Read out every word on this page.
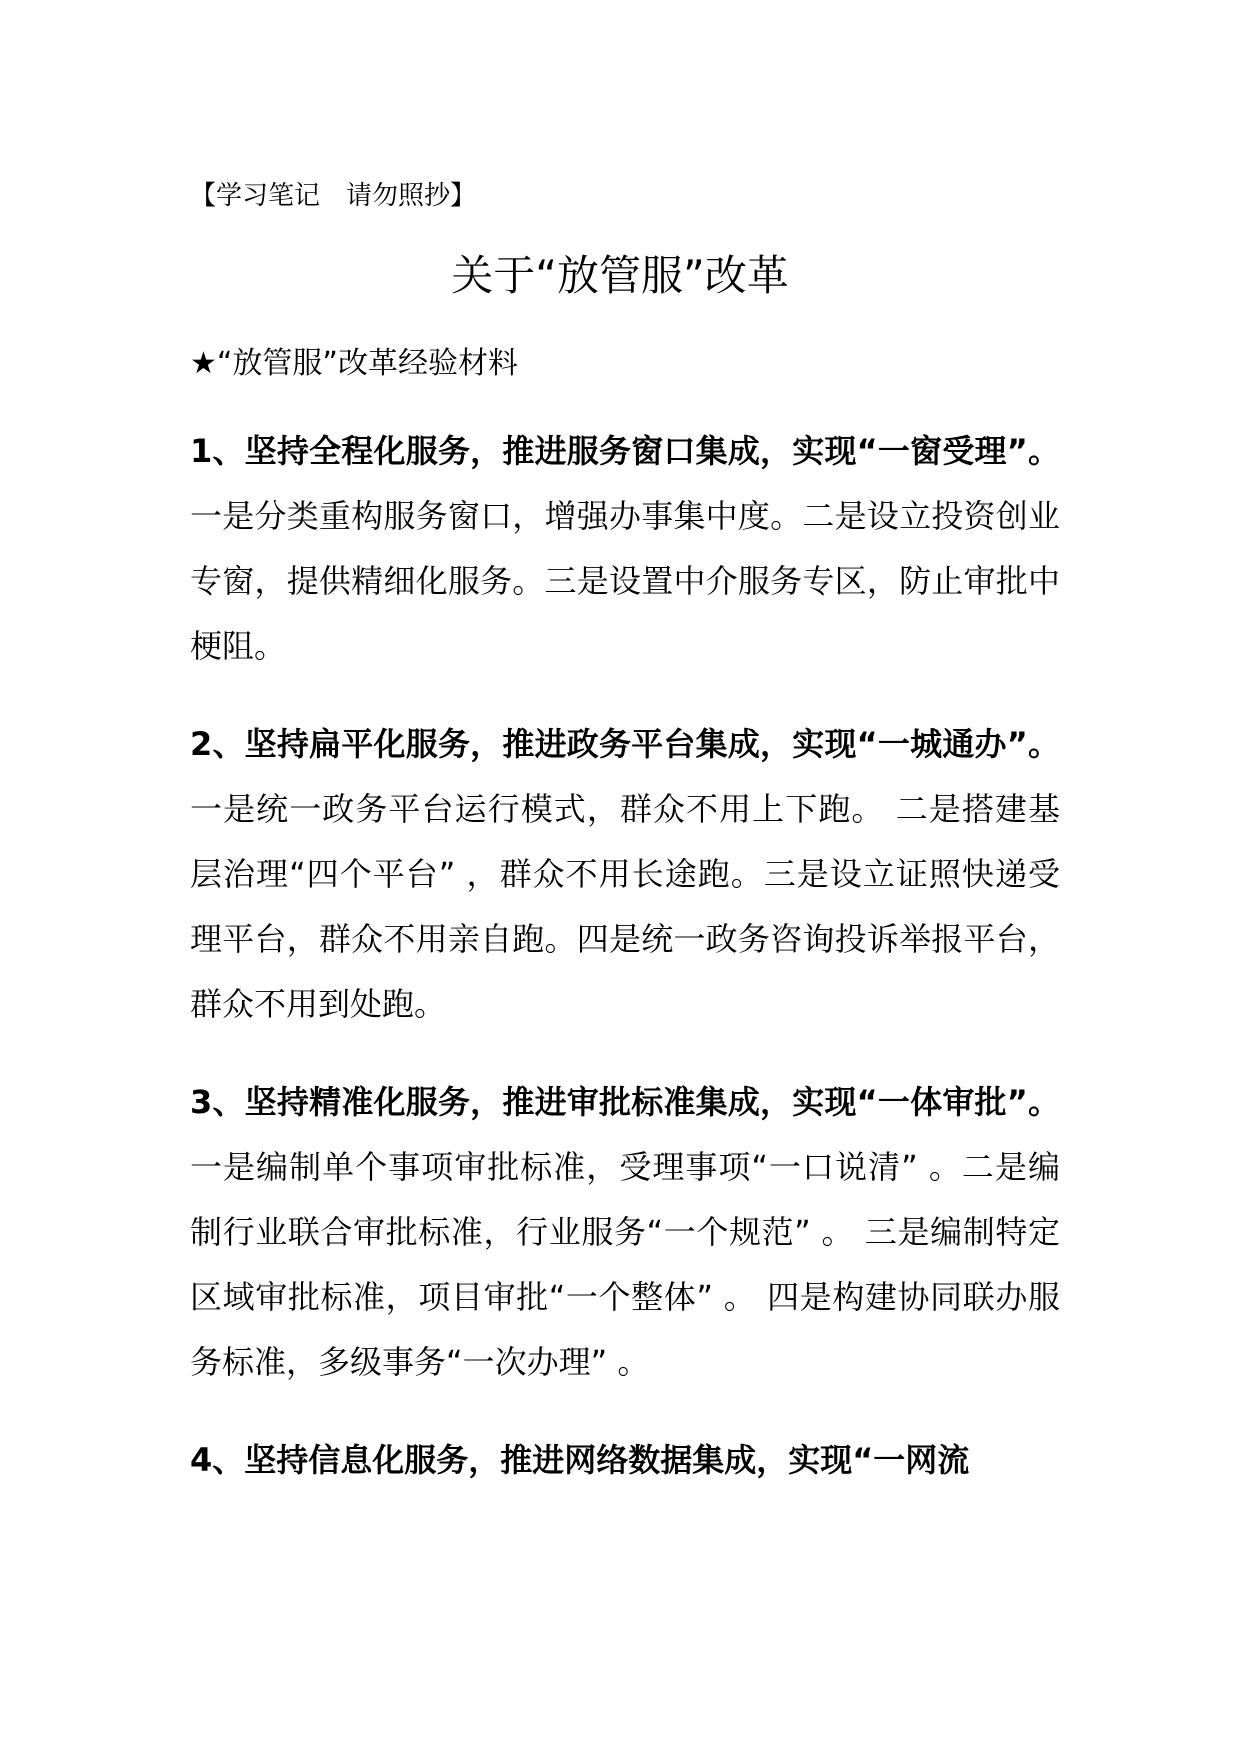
【学习笔记　请勿照抄】

关于“放管服”改革

★“放管服”改革经验材料

1、坚持全程化服务，推进服务窗口集成，实现“一窗受理”。一是分类重构服务窗口，增强办事集中度。二是设立投资创业专窗，提供精细化服务。三是设置中介服务专区，防止审批中梗阻。

2、坚持扁平化服务，推进政务平台集成，实现“一城通办”。一是统一政务平台运行模式，群众不用上下跑。 二是搭建基层治理“四个平台” ，群众不用长途跑。三是设立证照快递受理平台，群众不用亲自跑。四是统一政务咨询投诉举报平台，群众不用到处跑。

3、坚持精准化服务，推进审批标准集成，实现“一体审批”。一是编制单个事项审批标准，受理事项“一口说清” 。二是编制行业联合审批标准，行业服务“一个规范” 。 三是编制特定区域审批标准，项目审批“一个整体” 。 四是构建协同联办服务标准，多级事务“一次办理” 。

4、坚持信息化服务，推进网络数据集成，实现“一网流
